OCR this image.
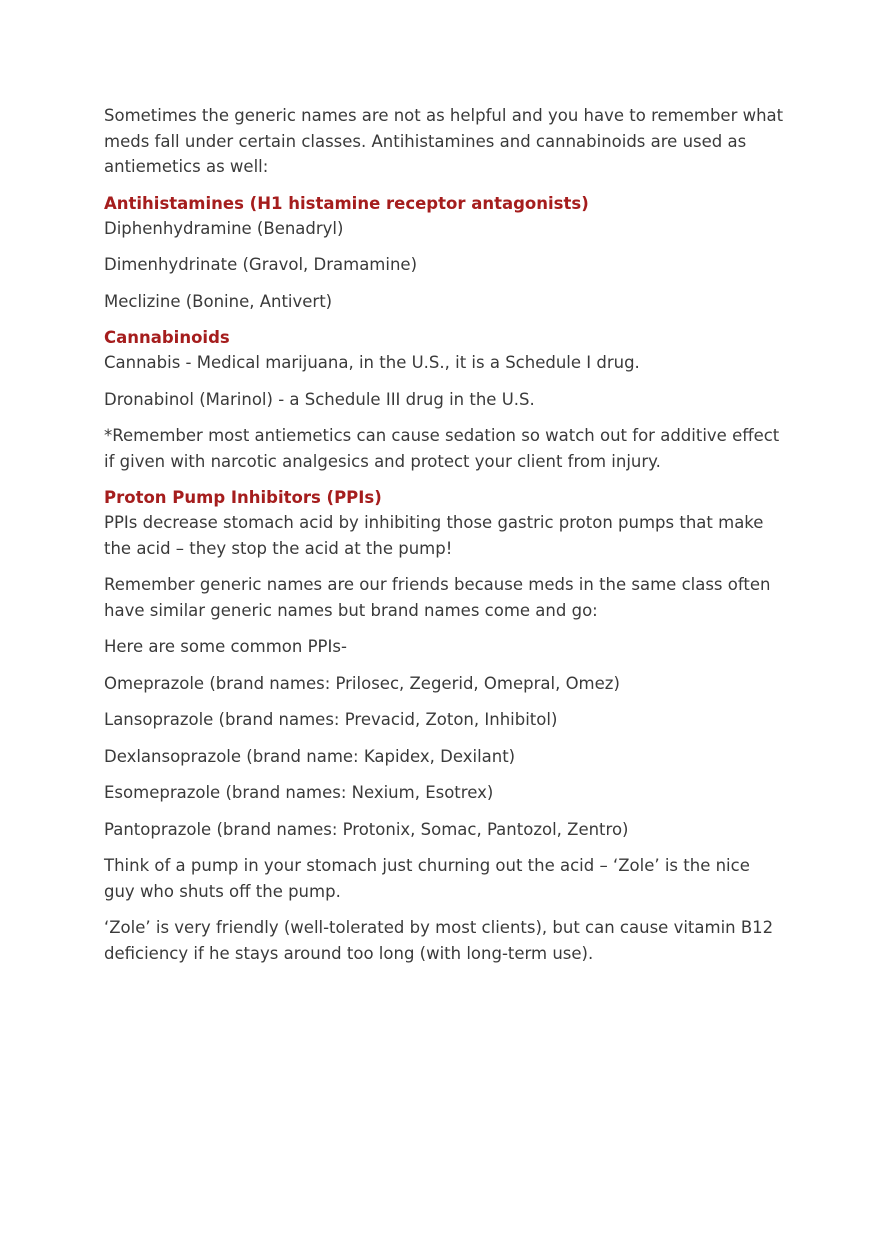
Sometimes the generic names are not as helpful and you have to remember what meds fall under certain classes. Antihistamines and cannabinoids are used as antiemetics as well:

Antihistamines (H1 histamine receptor antagonists)

Diphenhydramine (Benadryl)

Dimenhydrinate (Gravol, Dramamine)

Meclizine (Bonine, Antivert)

Cannabinoids

Cannabis - Medical marijuana, in the U.S., it is a Schedule I drug.

Dronabinol (Marinol) - a Schedule III drug in the U.S.

*Remember most antiemetics can cause sedation so watch out for additive effect if given with narcotic analgesics and protect your client from injury.

Proton Pump Inhibitors (PPIs)

PPIs decrease stomach acid by inhibiting those gastric proton pumps that make the acid – they stop the acid at the pump!

Remember generic names are our friends because meds in the same class often have similar generic names but brand names come and go:

Here are some common PPIs-

Omeprazole (brand names: Prilosec, Zegerid, Omepral, Omez)

Lansoprazole (brand names: Prevacid, Zoton, Inhibitol)

Dexlansoprazole (brand name: Kapidex, Dexilant)

Esomeprazole (brand names: Nexium, Esotrex)

Pantoprazole (brand names: Protonix, Somac, Pantozol, Zentro)

Think of a pump in your stomach just churning out the acid – ‘Zole’ is the nice guy who shuts off the pump.

‘Zole’ is very friendly (well-tolerated by most clients), but can cause vitamin B12 deficiency if he stays around too long (with long-term use).
